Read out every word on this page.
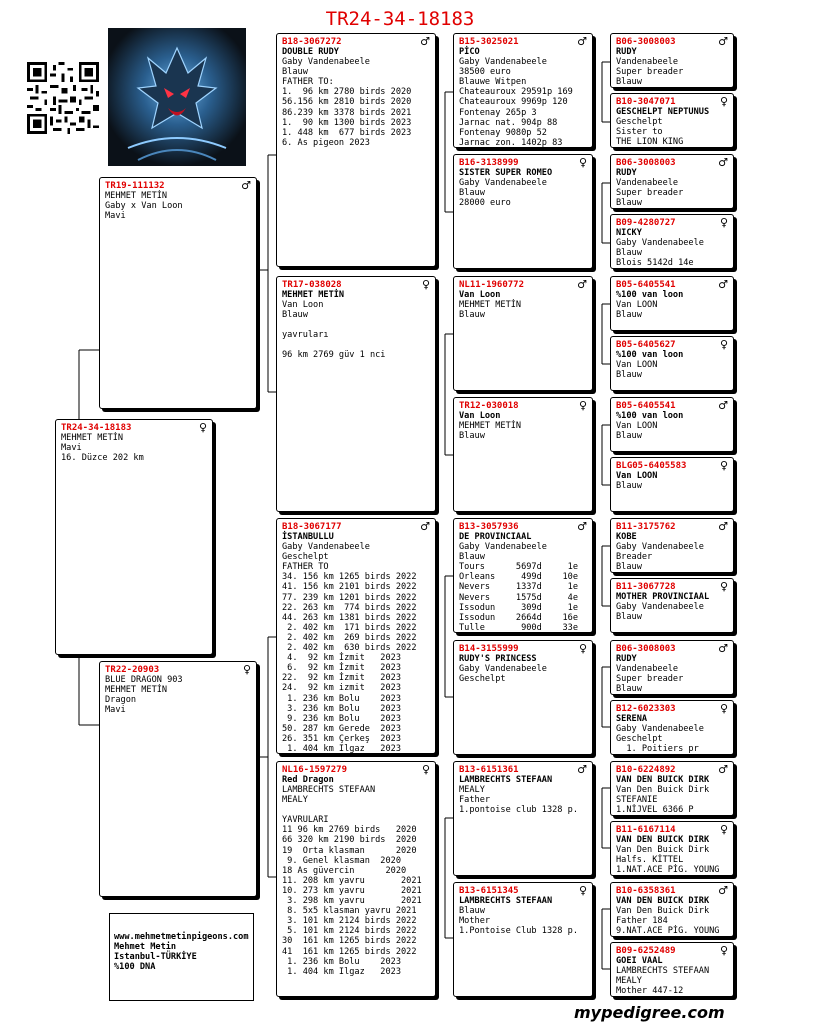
TR24-34-18183
www.mehmetmetinpigeons.com
Mehmet Metin
Istanbul-TÜRKİYE
%100 DNA
mypedigree.com
TR24-34-18183	♀
MEHMET METİN
Mavi
16. Düzce 202 km
TR19-111132	♂
MEHMET METİN
Gaby x Van Loon
Mavi
TR22-20903	♀
BLUE DRAGON 903
MEHMET METİN
Dragon
Mavi
B18-3067272	♂
DOUBLE RUDY
Gaby Vandenabeele
Blauw
FATHER TO:
1.  96 km 2780 birds 2020
56.156 km 2810 birds 2020
86.239 km 3378 birds 2021
1.  90 km 1300 birds 2023
1. 448 km  677 birds 2023
6. As pigeon 2023
TR17-038028	♀
MEHMET METİN
Van Loon
Blauw
yavruları
96 km 2769 güv 1 nci
B18-3067177	♂
İSTANBULLU
Gaby Vandenabeele
Geschelpt
FATHER TO
34. 156 km 1265 birds 2022
41. 156 km 2101 birds 2022
77. 239 km 1201 birds 2022
22. 263 km  774 birds 2022
44. 263 km 1381 birds 2022
2. 402 km  171 birds 2022
2. 402 km  269 birds 2022
2. 402 km  630 birds 2022
4.  92 km İzmit   2023
6.  92 km İzmit   2023
22.  92 km İzmit   2023
24.  92 km izmit   2023
1. 236 km Bolu    2023
3. 236 km Bolu    2023
9. 236 km Bolu    2023
50. 287 km Gerede  2023
26. 351 km Çerkeş  2023
1. 404 km Ilgaz   2023
NL16-1597279	♀
Red Dragon
LAMBRECHTS STEFAAN
MEALY
YAVRULARI
11 96 km 2769 birds   2020
66 320 km 2190 birds  2020
19  Orta klasman      2020
9. Genel klasman  2020
18 As güvercin      2020
11. 208 km yavru       2021
10. 273 km yavru       2021
3. 298 km yavru       2021
8. 5x5 klasman yavru 2021
3. 101 km 2124 birds 2022
5. 101 km 2124 birds 2022
30  161 km 1265 birds 2022
41  161 km 1265 birds 2022
1. 236 km Bolu    2023
1. 404 km Ilgaz   2023
B15-3025021	♂
PİCO
Gaby Vandenabeele
38500 euro
Blauwe Witpen
Chateauroux 29591p 169
Chateauroux 9969p 120
Fontenay 265p 3
Jarnac nat. 904p 88
Fontenay 9080p 52
Jarnac zon. 1402p 83
B16-3138999	♀
SISTER SUPER ROMEO
Gaby Vandenabeele
Blauw
28000 euro
NL11-1960772	♂
Van Loon
MEHMET METİN
Blauw
TR12-030018	♀
Van Loon
MEHMET METİN
Blauw
B13-3057936	♂
DE PROVINCIAAL
Gaby Vandenabeele
Blauw
Tours      5697d     1e
Orleans     499d    10e
Nevers     1337d     1e
Nevers     1575d     4e
Issodun     309d     1e
Issodun    2664d    16e
Tulle       900d    33e
B14-3155999	♀
RUDY'S PRINCESS
Gaby Vandenabeele
Geschelpt
B13-6151361	♂
LAMBRECHTS STEFAAN
MEALY
Father
1.pontoise club 1328 p.
B13-6151345	♀
LAMBRECHTS STEFAAN
Blauw
Mother
1.Pontoise Club 1328 p.
B06-3008003	♂
RUDY
Vandenabeele
Super breader
Blauw
B10-3047071	♀
GESCHELPT NEPTUNUS
Geschelpt
Sister to
THE LION KING
B06-3008003	♂
RUDY
Vandenabeele
Super breader
Blauw
B09-4280727	♀
NICKY
Gaby Vandenabeele
Blauw
Blois 5142d 14e
B05-6405541	♂
%100 van loon
Van LOON
Blauw
B05-6405627	♀
%100 van loon
Van LOON
Blauw
B05-6405541	♂
%100 van loon
Van LOON
Blauw
BLG05-6405583	♀
Van LOON
Blauw
B11-3175762	♂
KOBE
Gaby Vandenabeele
Breader
Blauw
B11-3067728	♀
MOTHER PROVINCIAAL
Gaby Vandenabeele
Blauw
B06-3008003	♂
RUDY
Vandenabeele
Super breader
Blauw
B12-6023303	♀
SERENA
Gaby Vandenabeele
Geschelpt
1. Poitiers pr
B10-6224892	♂
VAN DEN BUICK DIRK
Van Den Buick Dirk
STEFANIE
1.NİJVEL 6366 P
B11-6167114	♀
VAN DEN BUICK DIRK
Van Den Buick Dirk
Halfs. KİTTEL
1.NAT.ACE PİG. YOUNG
B10-6358361	♂
VAN DEN BUICK DIRK
Van Den Buick Dirk
Father 184
9.NAT.ACE PİG. YOUNG
B09-6252489	♀
GOEI VAAL
LAMBRECHTS STEFAAN
MEALY
Mother 447-12
